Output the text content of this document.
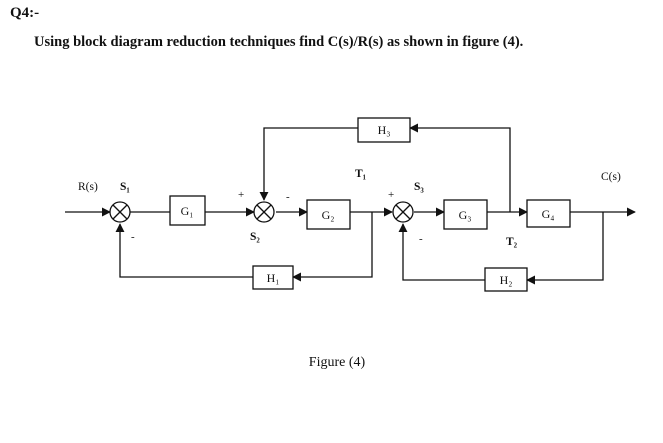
Q4:-
Using block diagram reduction techniques find C(s)/R(s) as shown in figure (4).
G₁	G₂	G₃	G₄
H₃
H₁	H₂
R(s)
C(s)
S₁
S₂
S₃
T₁
T₂
-
+	-	+
-
Figure (4)
